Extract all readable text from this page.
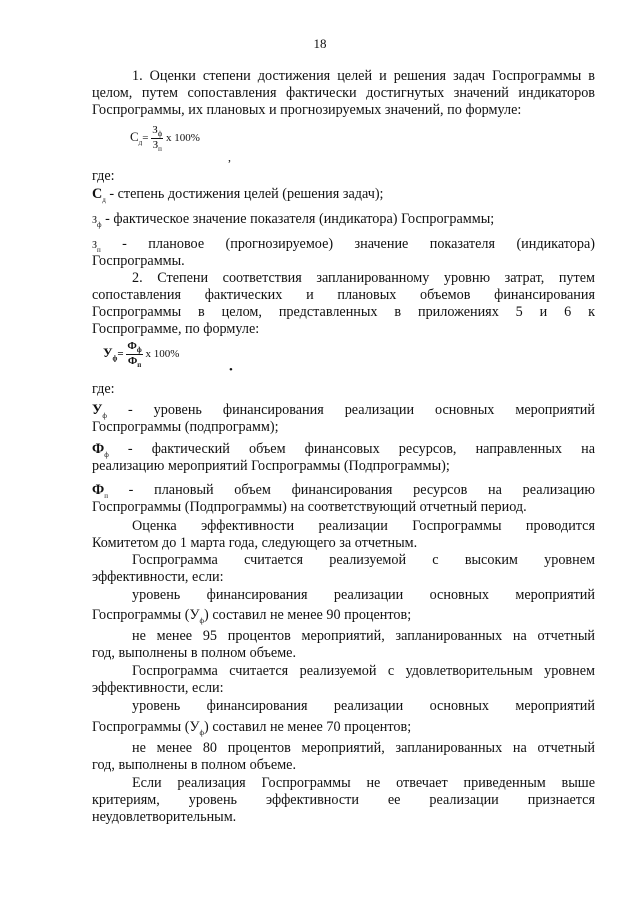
18
1. Оценки степени достижения целей и решения задач Госпрограммы в
целом, путем сопоставления фактически достигнутых значений индикаторов
Госпрограммы, их плановых и прогнозируемых значений, по формуле:
$С_д= \frac{З_ф}{З_п}$ х 100%
,
где:
$С_д$ - степень достижения целей (решения задач);
$З_ф$ - фактическое значение показателя (индикатора) Госпрограммы;
$З_п$ - плановое (прогнозируемое) значение показателя (индикатора)
Госпрограммы.
2. Степени соответствия запланированному уровню затрат, путем
сопоставления фактических и плановых объемов финансирования
Госпрограммы в целом, представленных в приложениях 5 и 6 к
Госпрограмме, по формуле:
$У_ф= \frac{Ф_ф}{Ф_п}$ х 100%
•
где:
$У_ф$ - уровень финансирования реализации основных мероприятий
Госпрограммы (подпрограмм);
$Ф_ф$ - фактический объем финансовых ресурсов, направленных на
реализацию мероприятий Госпрограммы (Подпрограммы);
$Ф_п$ - плановый объем финансирования ресурсов на реализацию
Госпрограммы (Подпрограммы) на соответствующий отчетный период.
Оценка эффективности реализации Госпрограммы проводится
Комитетом до 1 марта года, следующего за отчетным.
Госпрограмма считается реализуемой с высоким уровнем
эффективности, если:
уровень финансирования реализации основных мероприятий
Госпрограммы $(У_ф)$ составил не менее 90 процентов;
не менее 95 процентов мероприятий, запланированных на отчетный
год, выполнены в полном объеме.
Госпрограмма считается реализуемой с удовлетворительным уровнем
эффективности, если:
уровень финансирования реализации основных мероприятий
Госпрограммы $(У_ф)$ составил не менее 70 процентов;
не менее 80 процентов мероприятий, запланированных на отчетный
год, выполнены в полном объеме.
Если реализация Госпрограммы не отвечает приведенным выше
критериям, уровень эффективности ее реализации признается
неудовлетворительным.
